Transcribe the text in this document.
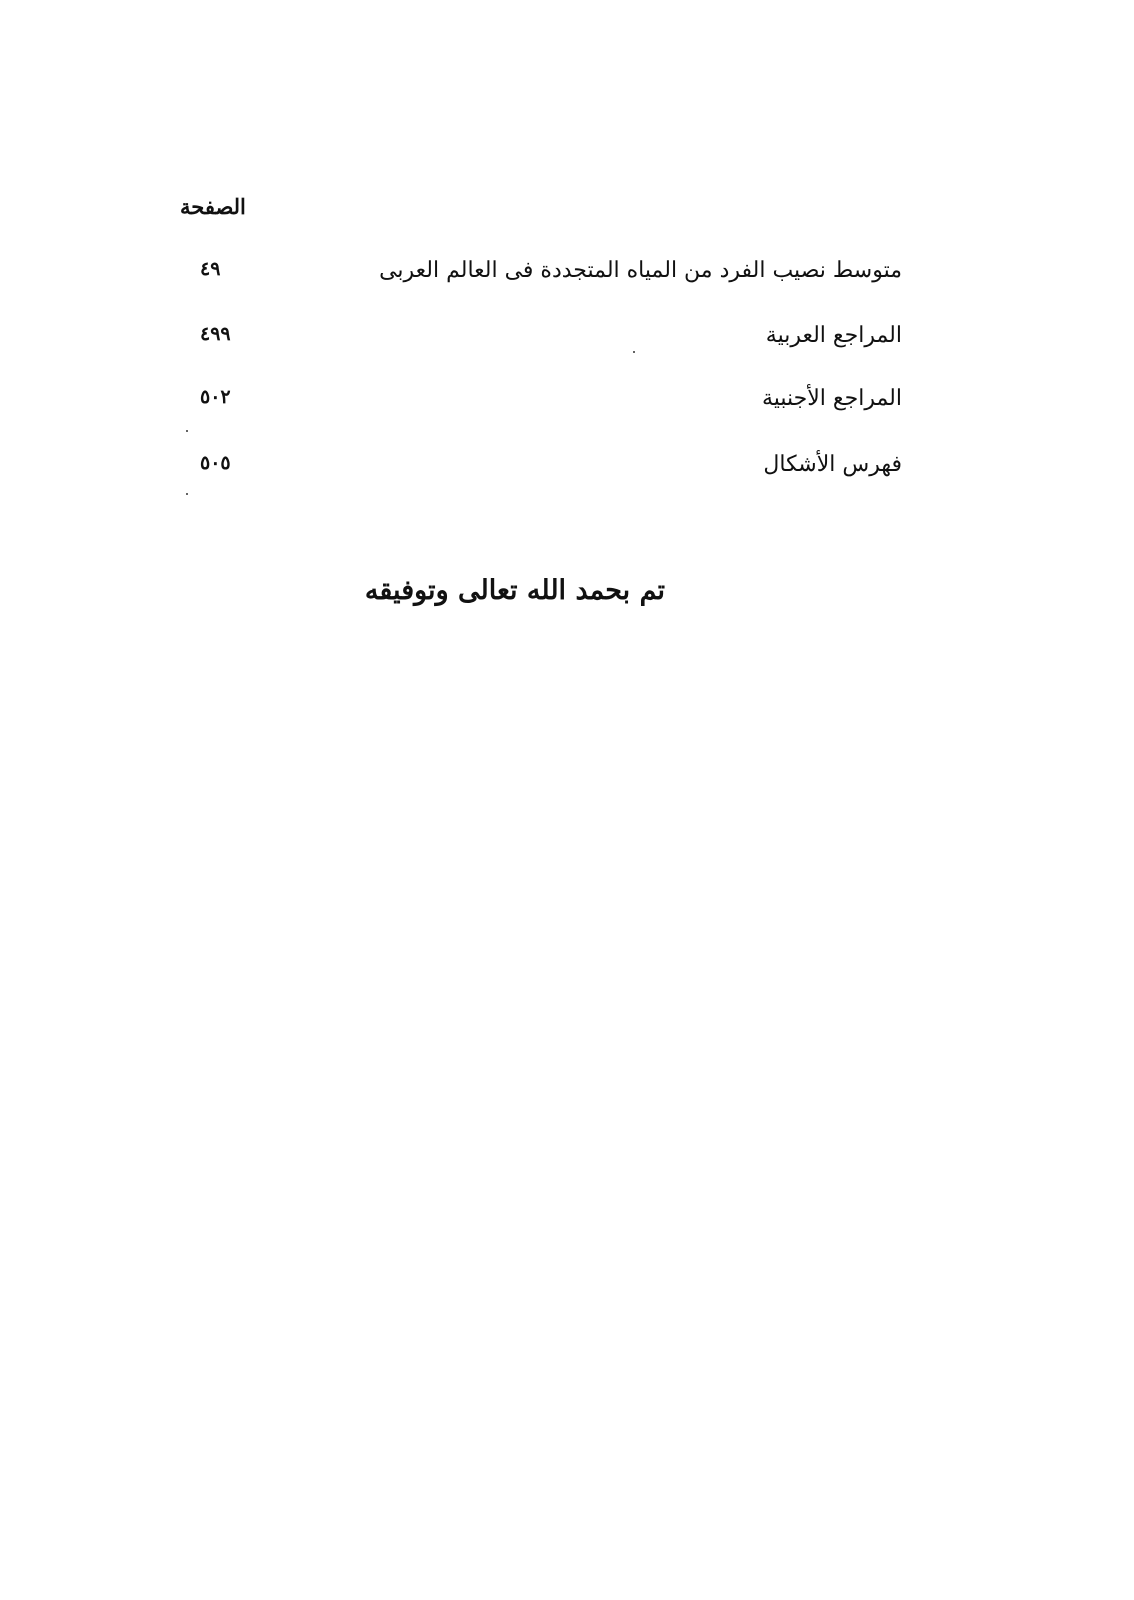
الصفحة
٤٩	متوسط نصيب الفرد من المياه المتجددة فى العالم العربى
٤٩٩	المراجع العربية
٥٠٢	المراجع الأجنبية
٥٠٥	فهرس الأشكال
تم بحمد الله تعالى وتوفيقه
